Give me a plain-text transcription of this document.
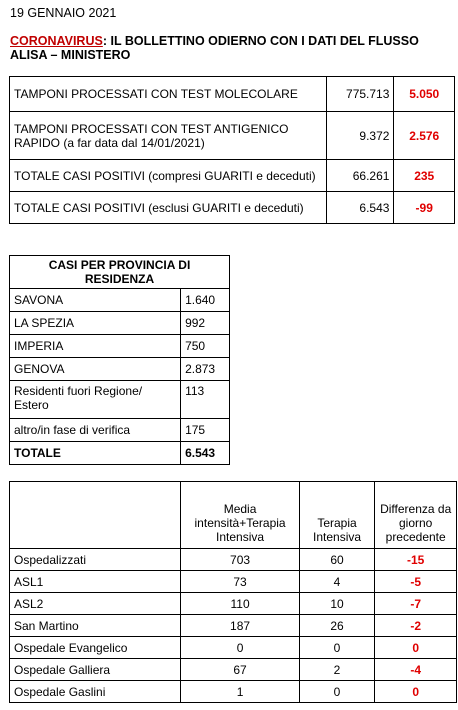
19 GENNAIO 2021
CORONAVIRUS: IL BOLLETTINO ODIERNO CON I DATI DEL FLUSSO ALISA – MINISTERO
TAMPONI PROCESSATI CON TEST MOLECOLARE	775.713	5.050
TAMPONI PROCESSATI CON TEST ANTIGENICO RAPIDO (a far data dal 14/01/2021)	9.372	2.576
TOTALE CASI POSITIVI (compresi GUARITI e deceduti)	66.261	235
TOTALE CASI POSITIVI (esclusi GUARITI e deceduti)	6.543	-99
CASI PER PROVINCIA DI RESIDENZA	
SAVONA	1.640
LA SPEZIA	992
IMPERIA	750
GENOVA	2.873
Residenti fuori Regione/ Estero	113
altro/in fase di verifica	175
TOTALE	6.543
	Media intensità+Terapia Intensiva	Terapia Intensiva	Differenza da giorno precedente
Ospedalizzati	703	60	-15
ASL1	73	4	-5
ASL2	110	10	-7
San Martino	187	26	-2
Ospedale Evangelico	0	0	0
Ospedale Galliera	67	2	-4
Ospedale Gaslini	1	0	0
